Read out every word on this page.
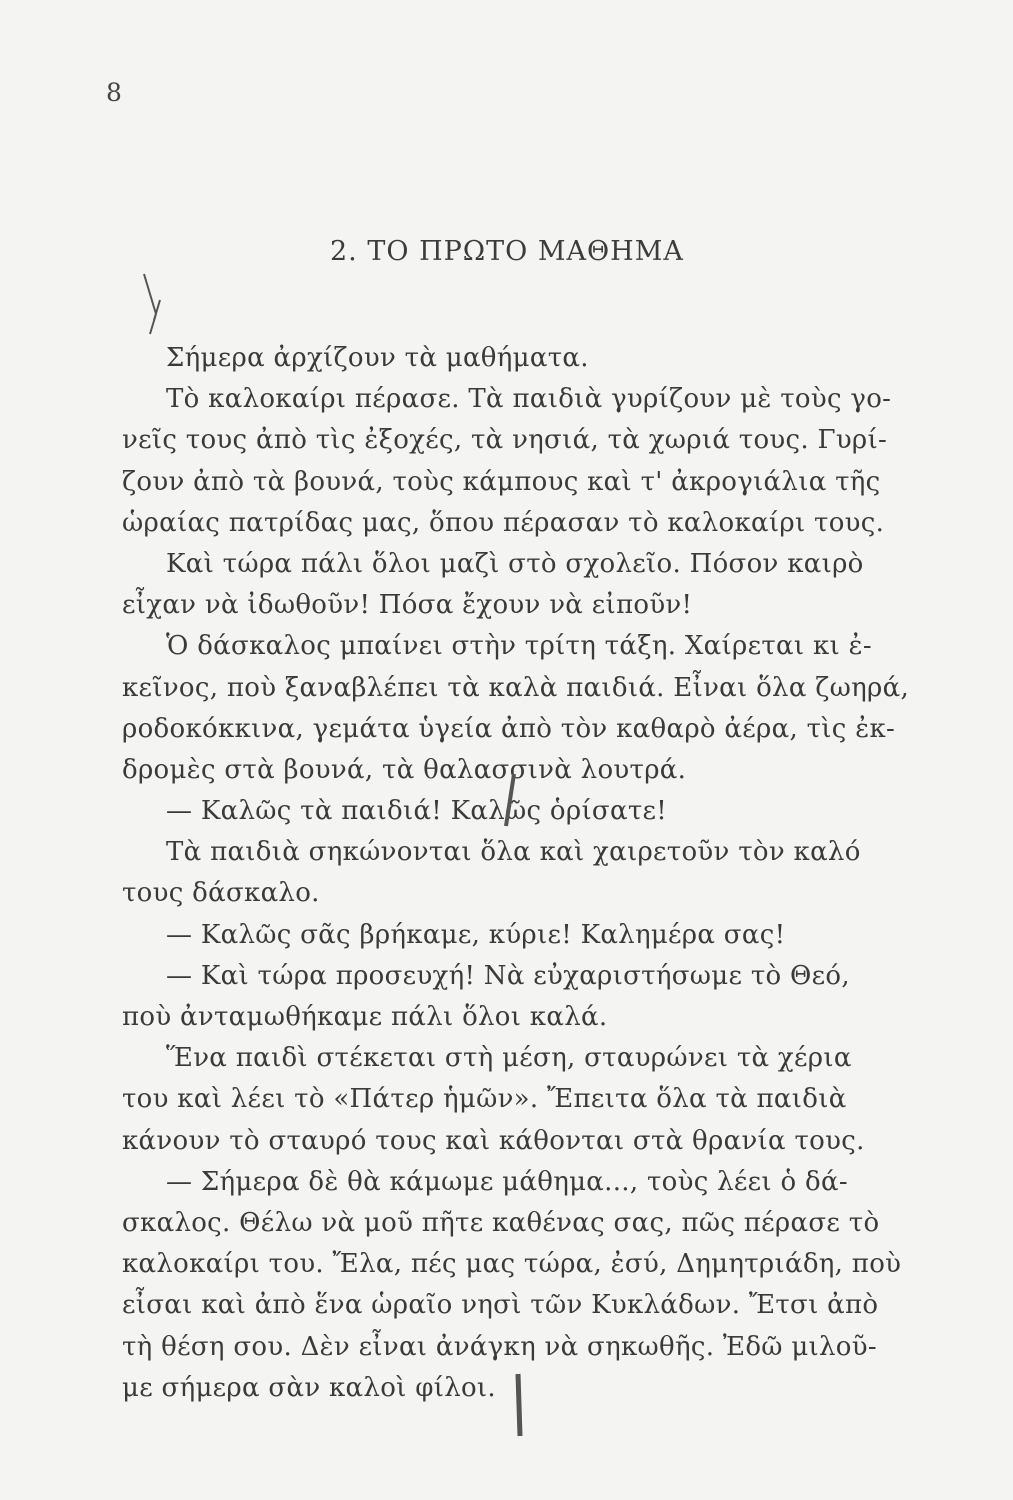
8
2. ΤΟ ΠΡΩΤΟ ΜΑΘΗΜΑ
Σήμερα ἀρχίζουν τὰ μαθήματα.
Τὸ καλοκαίρι πέρασε. Τὰ παιδιὰ γυρίζουν μὲ τοὺς γο-
νεῖς τους ἀπὸ τὶς ἐξοχές, τὰ νησιά, τὰ χωριά τους. Γυρί-
ζουν ἀπὸ τὰ βουνά, τοὺς κάμπους καὶ τ' ἀκρογιάλια τῆς
ὡραίας πατρίδας μας, ὅπου πέρασαν τὸ καλοκαίρι τους.
Καὶ τώρα πάλι ὅλοι μαζὶ στὸ σχολεῖο. Πόσον καιρὸ
εἶχαν νὰ ἰδωθοῦν! Πόσα ἔχουν νὰ εἰποῦν!
Ὁ δάσκαλος μπαίνει στὴν τρίτη τάξη. Χαίρεται κι ἐ-
κεῖνος, ποὺ ξαναβλέπει τὰ καλὰ παιδιά. Εἶναι ὅλα ζωηρά,
ροδοκόκκινα, γεμάτα ὑγεία ἀπὸ τὸν καθαρὸ ἀέρα, τὶς ἐκ-
δρομὲς στὰ βουνά, τὰ θαλασσινὰ λουτρά.
— Καλῶς τὰ παιδιά! Καλῶς ὁρίσατε!
Τὰ παιδιὰ σηκώνονται ὅλα καὶ χαιρετοῦν τὸν καλό
τους δάσκαλο.
— Καλῶς σᾶς βρήκαμε, κύριε! Καλημέρα σας!
— Καὶ τώρα προσευχή! Νὰ εὐχαριστήσωμε τὸ Θεό,
ποὺ ἀνταμωθήκαμε πάλι ὅλοι καλά.
Ἕνα παιδὶ στέκεται στὴ μέση, σταυρώνει τὰ χέρια
του καὶ λέει τὸ «Πάτερ ἡμῶν». Ἔπειτα ὅλα τὰ παιδιὰ
κάνουν τὸ σταυρό τους καὶ κάθονται στὰ θρανία τους.
— Σήμερα δὲ θὰ κάμωμε μάθημα..., τοὺς λέει ὁ δά-
σκαλος. Θέλω νὰ μοῦ πῆτε καθένας σας, πῶς πέρασε τὸ
καλοκαίρι του. Ἔλα, πές μας τώρα, ἐσύ, Δημητριάδη, ποὺ
εἶσαι καὶ ἀπὸ ἕνα ὡραῖο νησὶ τῶν Κυκλάδων. Ἔτσι ἀπὸ
τὴ θέση σου. Δὲν εἶναι ἀνάγκη νὰ σηκωθῆς. Ἐδῶ μιλοῦ-
με σήμερα σὰν καλοὶ φίλοι.
